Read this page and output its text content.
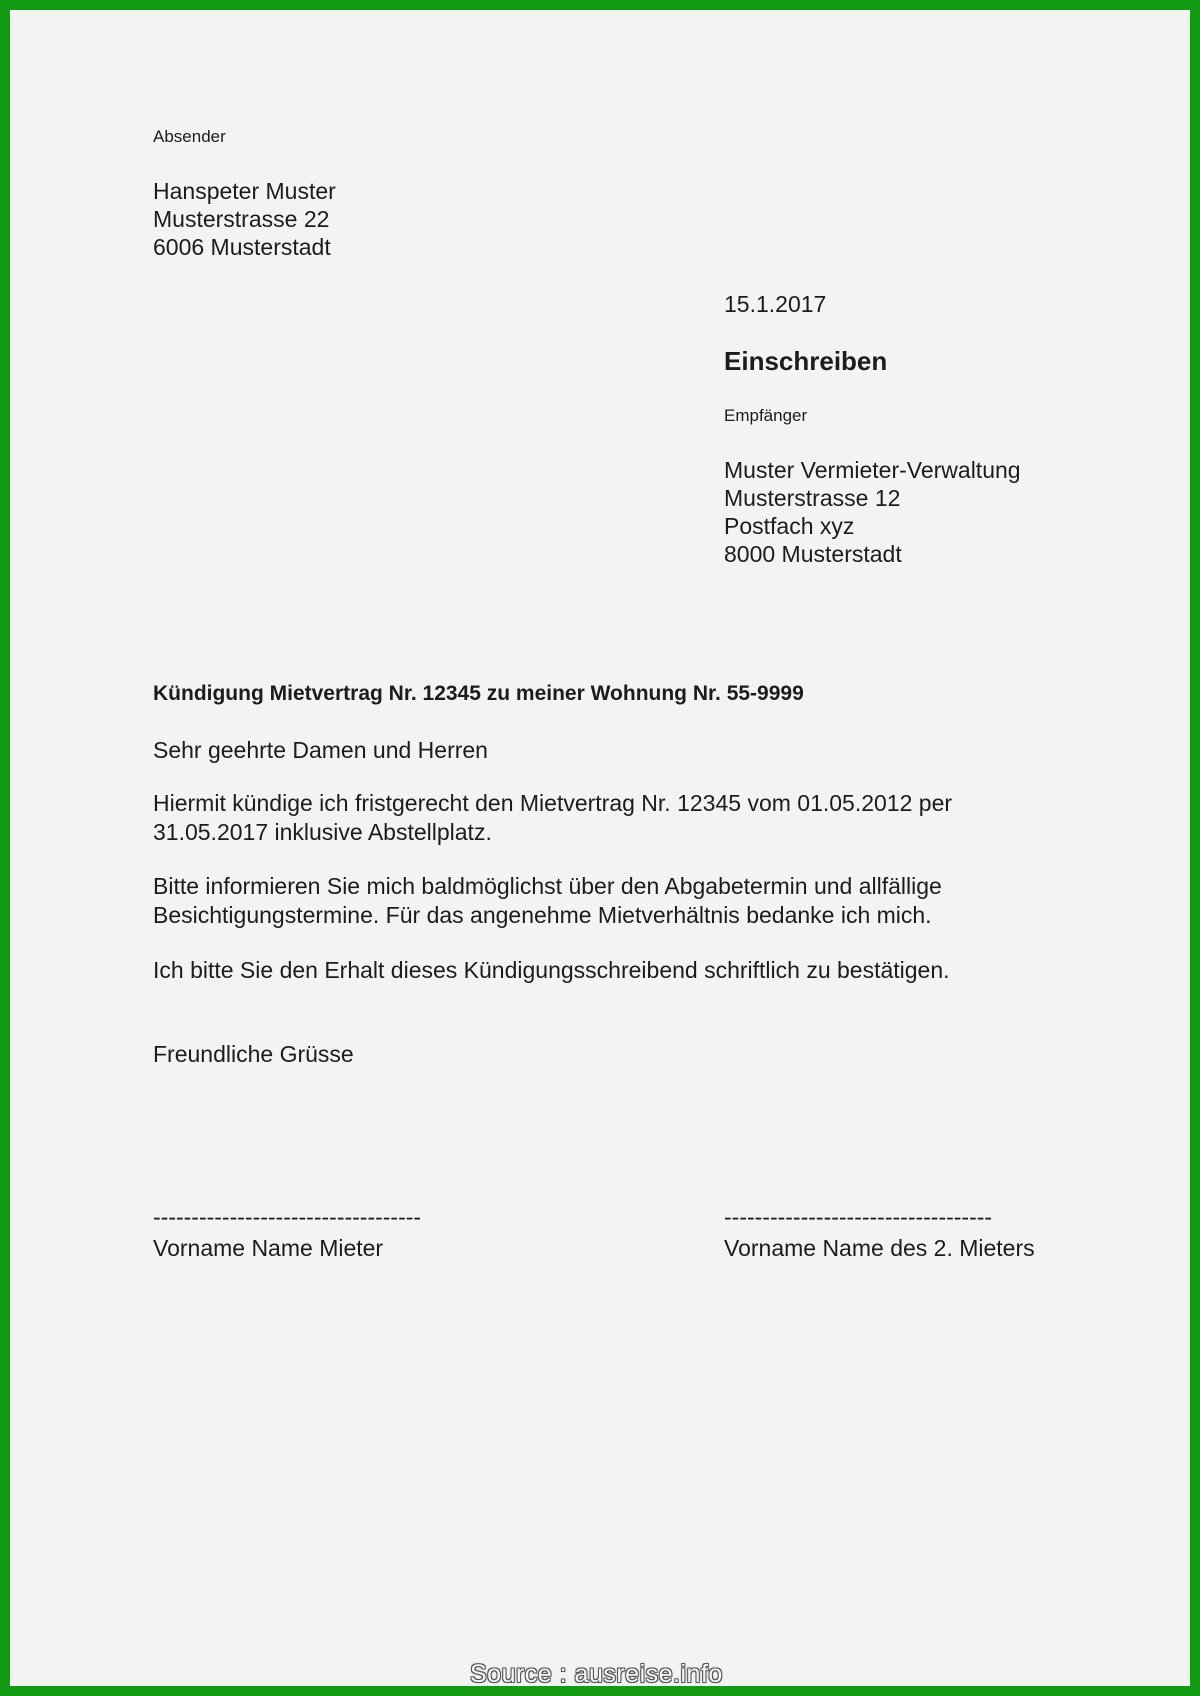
Absender
Hanspeter Muster
Musterstrasse 22
6006 Musterstadt
15.1.2017
Einschreiben
Empfänger
Muster Vermieter-Verwaltung
Musterstrasse 12
Postfach xyz
8000 Musterstadt
Kündigung Mietvertrag Nr. 12345 zu meiner Wohnung Nr. 55-9999
Sehr geehrte Damen und Herren
Hiermit kündige ich fristgerecht den Mietvertrag Nr. 12345 vom 01.05.2012 per
31.05.2017 inklusive Abstellplatz.
Bitte informieren Sie mich baldmöglichst über den Abgabetermin und allfällige
Besichtigungstermine. Für das angenehme Mietverhältnis bedanke ich mich.
Ich bitte Sie den Erhalt dieses Kündigungsschreibend schriftlich zu bestätigen.
Freundliche Grüsse
-----------------------------------
Vorname Name Mieter
-----------------------------------
Vorname Name des 2. Mieters
Source : ausreise.info
